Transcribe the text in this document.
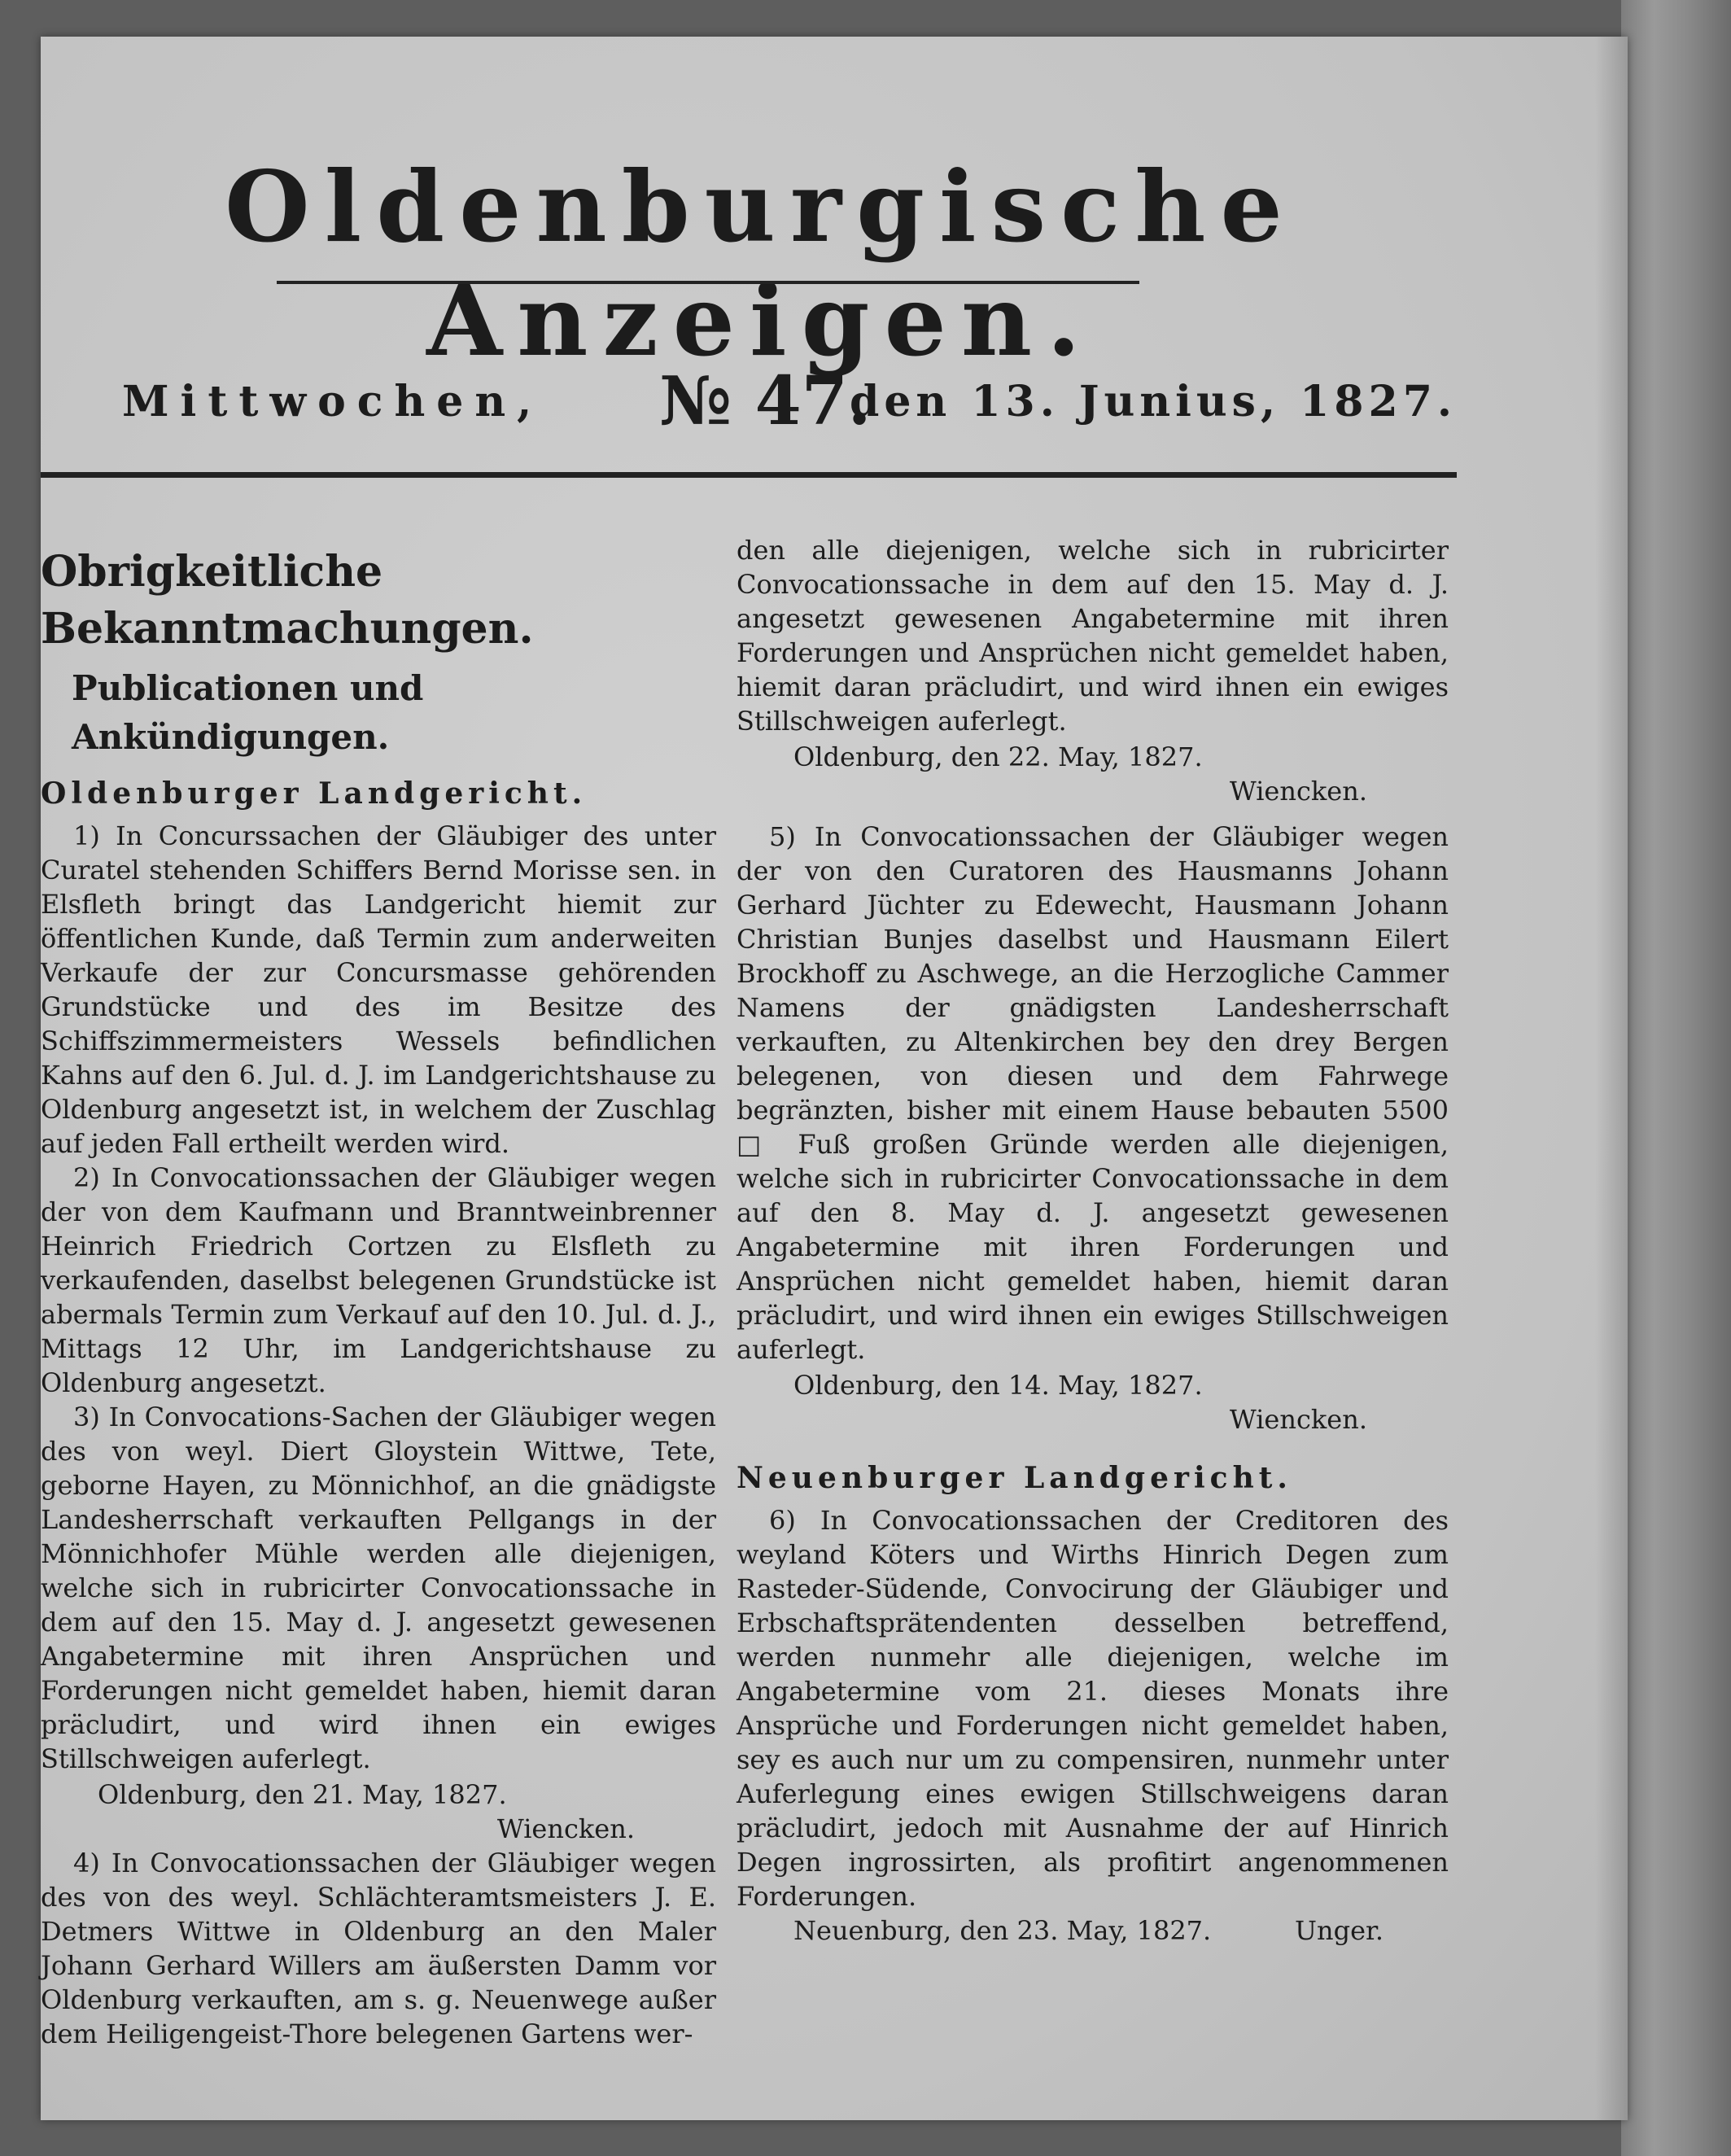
Oldenburgische Anzeigen.
Mittwochen, № 47.
den 13. Junius, 1827.
Obrigkeitliche Bekanntmachungen.
Publicationen und Ankündigungen.
Oldenburger Landgericht.

1) In Concurssachen der Gläubiger des unter Curatel stehenden Schiffers Bernd Morisse sen. in Elsfleth bringt das Landgericht hiemit zur öffentlichen Kunde, daß Termin zum anderweiten Verkaufe der zur Concursmasse gehörenden Grundstücke und des im Besitze des Schiffszimmermeisters Wessels befindlichen Kahns auf den 6. Jul. d. J. im Landgerichtshause zu Oldenburg angesetzt ist, in welchem der Zuschlag auf jeden Fall ertheilt werden wird.

2) In Convocationssachen der Gläubiger wegen der von dem Kaufmann und Branntweinbrenner Heinrich Friedrich Cortzen zu Elsfleth zu verkaufenden, daselbst belegenen Grundstücke ist abermals Termin zum Verkauf auf den 10. Jul. d. J., Mittags 12 Uhr, im Landgerichtshause zu Oldenburg angesetzt.

3) In Convocations-Sachen der Gläubiger wegen des von weyl. Diert Gloystein Wittwe, Tete, geborne Hayen, zu Mönnichhof, an die gnädigste Landesherrschaft verkauften Pellgangs in der Mönnichhofer Mühle werden alle diejenigen, welche sich in rubricirter Convocationssache in dem auf den 15. May d. J. angesetzt gewesenen Angabetermine mit ihren Ansprüchen und Forderungen nicht gemeldet haben, hiemit daran präcludirt, und wird ihnen ein ewiges Stillschweigen auferlegt.

Oldenburg, den 21. May, 1827.

Wiencken.

4) In Convocationssachen der Gläubiger wegen des von des weyl. Schlächteramtsmeisters J. E. Detmers Wittwe in Oldenburg an den Maler Johann Gerhard Willers am äußersten Damm vor Oldenburg verkauften, am s. g. Neuenwege außer dem Heiligengeist-Thore belegenen Gartens wer-

den alle diejenigen, welche sich in rubricirter Convocationssache in dem auf den 15. May d. J. angesetzt gewesenen Angabetermine mit ihren Forderungen und Ansprüchen nicht gemeldet haben, hiemit daran präcludirt, und wird ihnen ein ewiges Stillschweigen auferlegt.

Oldenburg, den 22. May, 1827.

Wiencken.

5) In Convocationssachen der Gläubiger wegen der von den Curatoren des Hausmanns Johann Gerhard Jüchter zu Edewecht, Hausmann Johann Christian Bunjes daselbst und Hausmann Eilert Brockhoff zu Aschwege, an die Herzogliche Cammer Namens der gnädigsten Landesherrschaft verkauften, zu Altenkirchen bey den drey Bergen belegenen, von diesen und dem Fahrwege begränzten, bisher mit einem Hause bebauten 5500 □ Fuß großen Gründe werden alle diejenigen, welche sich in rubricirter Convocationssache in dem auf den 8. May d. J. angesetzt gewesenen Angabetermine mit ihren Forderungen und Ansprüchen nicht gemeldet haben, hiemit daran präcludirt, und wird ihnen ein ewiges Stillschweigen auferlegt.

Oldenburg, den 14. May, 1827.

Wiencken.

Neuenburger Landgericht.

6) In Convocationssachen der Creditoren des weyland Köters und Wirths Hinrich Degen zum Rasteder-Südende, Convocirung der Gläubiger und Erbschaftsprätendenten desselben betreffend, werden nunmehr alle diejenigen, welche im Angabetermine vom 21. dieses Monats ihre Ansprüche und Forderungen nicht gemeldet haben, sey es auch nur um zu compensiren, nunmehr unter Auferlegung eines ewigen Stillschweigens daran präcludirt, jedoch mit Ausnahme der auf Hinrich Degen ingrossirten, als profitirt angenommenen Forderungen.

Neuenburg, den 23. May, 1827.	Unger.
